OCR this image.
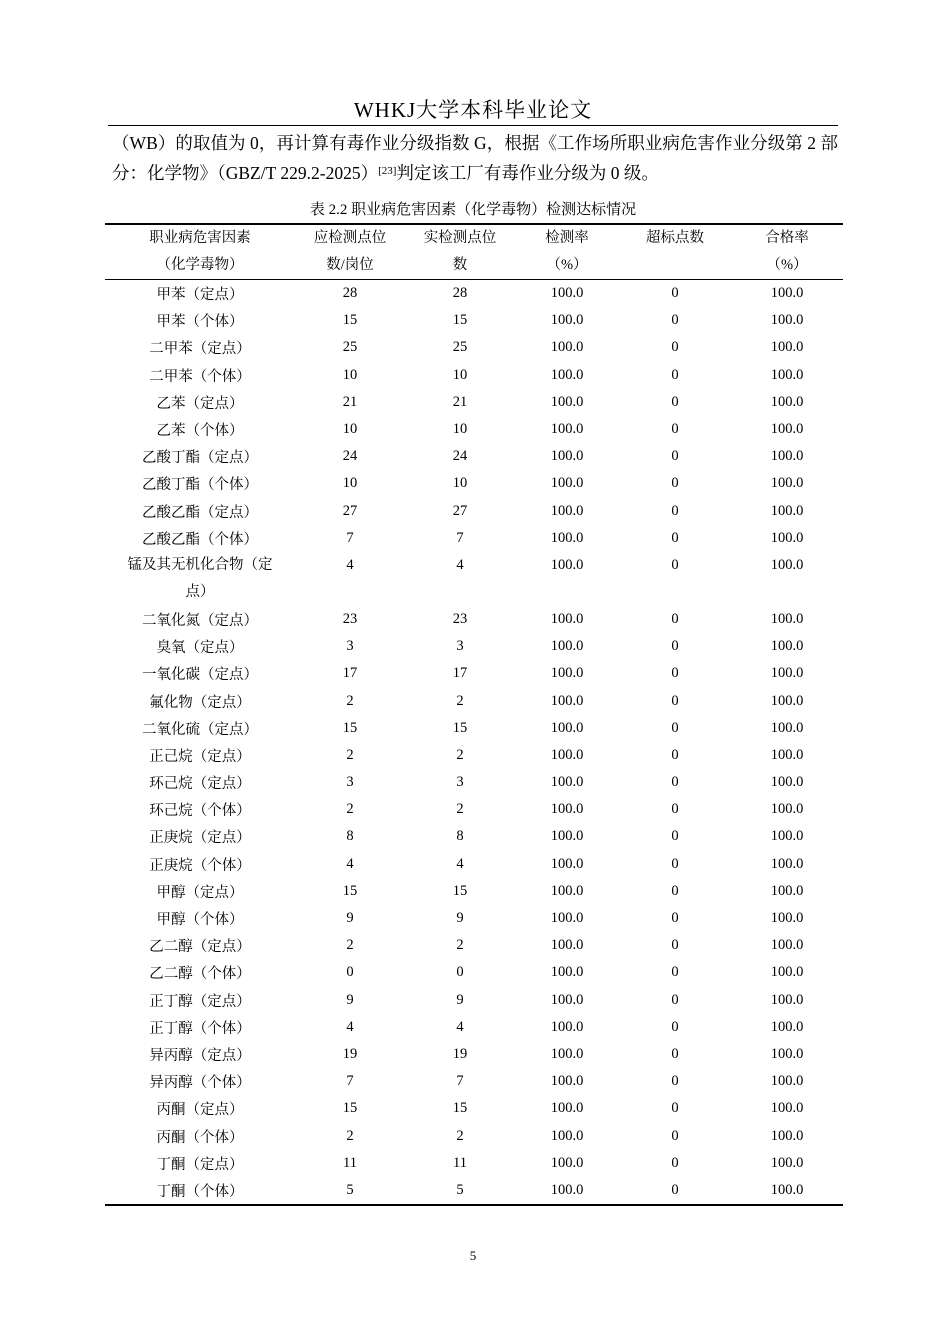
WHKJ大学本科毕业论文
（WB）的取值为 0，再计算有毒作业分级指数 G，根据《工作场所职业病危害作业分级第 2 部分：化学物》（GBZ/T 229.2-2025）[23]判定该工厂有毒作业分级为 0 级。
表 2.2 职业病危害因素（化学毒物）检测达标情况
职业病危害因素	应检测点位	实检测点位	检测率	超标点数	合格率
（化学毒物）	数/岗位	数	（%）		（%）
甲苯（定点）	28	28	100.0	0	100.0
甲苯（个体）	15	15	100.0	0	100.0
二甲苯（定点）	25	25	100.0	0	100.0
二甲苯（个体）	10	10	100.0	0	100.0
乙苯（定点）	21	21	100.0	0	100.0
乙苯（个体）	10	10	100.0	0	100.0
乙酸丁酯（定点）	24	24	100.0	0	100.0
乙酸丁酯（个体）	10	10	100.0	0	100.0
乙酸乙酯（定点）	27	27	100.0	0	100.0
乙酸乙酯（个体）	7	7	100.0	0	100.0
锰及其无机化合物（定点）	4	4	100.0	0	100.0
二氧化氮（定点）	23	23	100.0	0	100.0
臭氧（定点）	3	3	100.0	0	100.0
一氧化碳（定点）	17	17	100.0	0	100.0
氟化物（定点）	2	2	100.0	0	100.0
二氧化硫（定点）	15	15	100.0	0	100.0
正己烷（定点）	2	2	100.0	0	100.0
环己烷（定点）	3	3	100.0	0	100.0
环己烷（个体）	2	2	100.0	0	100.0
正庚烷（定点）	8	8	100.0	0	100.0
正庚烷（个体）	4	4	100.0	0	100.0
甲醇（定点）	15	15	100.0	0	100.0
甲醇（个体）	9	9	100.0	0	100.0
乙二醇（定点）	2	2	100.0	0	100.0
乙二醇（个体）	0	0	100.0	0	100.0
正丁醇（定点）	9	9	100.0	0	100.0
正丁醇（个体）	4	4	100.0	0	100.0
异丙醇（定点）	19	19	100.0	0	100.0
异丙醇（个体）	7	7	100.0	0	100.0
丙酮（定点）	15	15	100.0	0	100.0
丙酮（个体）	2	2	100.0	0	100.0
丁酮（定点）	11	11	100.0	0	100.0
丁酮（个体）	5	5	100.0	0	100.0
5
